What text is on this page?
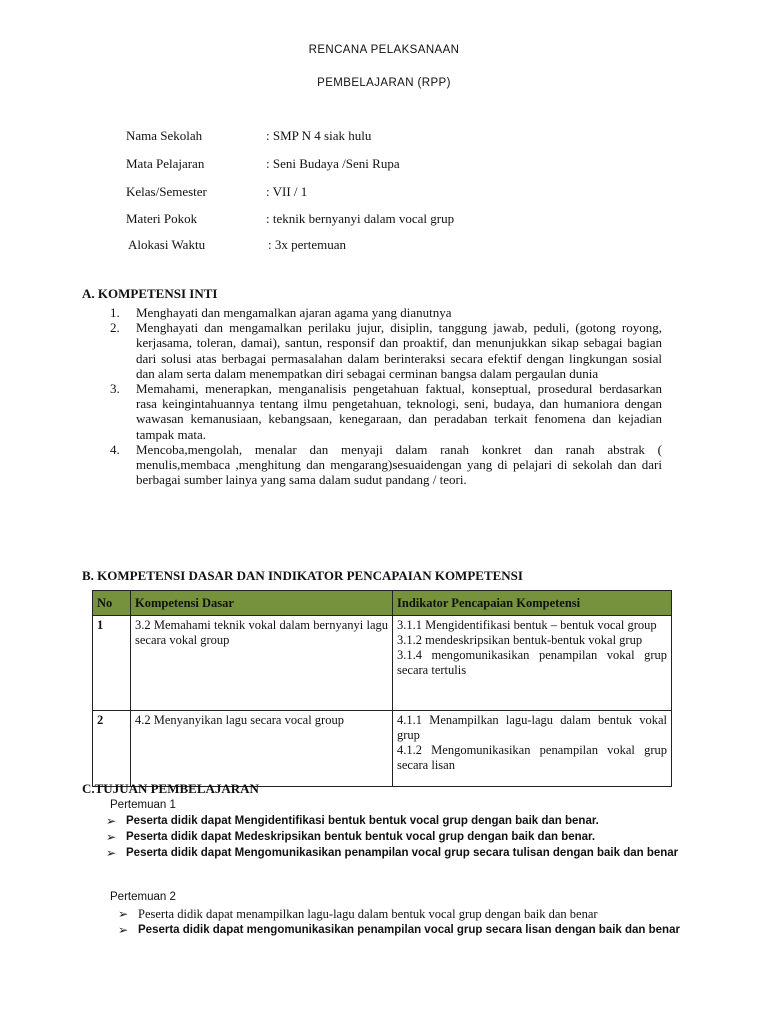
RENCANA PELAKSANAAN
PEMBELAJARAN (RPP)
Nama Sekolah	: SMP N 4 siak hulu
Mata Pelajaran	: Seni Budaya /Seni Rupa
Kelas/Semester	: VII / 1
Materi Pokok	: teknik bernyanyi dalam vocal grup
Alokasi Waktu	: 3x pertemuan
A. KOMPETENSI INTI
1.	Menghayati dan mengamalkan ajaran agama yang dianutnya
2.	Menghayati dan mengamalkan perilaku jujur, disiplin, tanggung jawab, peduli, (gotong royong, kerjasama, toleran, damai), santun, responsif dan proaktif, dan menunjukkan sikap sebagai bagian dari solusi atas berbagai permasalahan dalam berinteraksi secara efektif dengan lingkungan sosial dan alam serta dalam menempatkan diri sebagai cerminan bangsa dalam pergaulan dunia
3.	Memahami, menerapkan, menganalisis pengetahuan faktual, konseptual, prosedural berdasarkan rasa keingintahuannya tentang ilmu pengetahuan, teknologi, seni, budaya, dan humaniora dengan wawasan kemanusiaan, kebangsaan, kenegaraan, dan peradaban terkait fenomena dan kejadian tampak mata.
4.	Mencoba,mengolah, menalar dan menyaji dalam ranah konkret dan ranah abstrak ( menulis,membaca ,menghitung dan mengarang)sesuaidengan yang di pelajari di sekolah dan dari berbagai sumber lainya yang sama dalam sudut pandang / teori.
B. KOMPETENSI DASAR DAN INDIKATOR PENCAPAIAN KOMPETENSI
No	Kompetensi Dasar	Indikator Pencapaian Kompetensi
1	3.2 Memahami teknik vokal dalam bernyanyi lagu secara vokal group	3.1.1 Mengidentifikasi bentuk – bentuk vocal group
3.1.2 mendeskripsikan bentuk-bentuk vokal grup
3.1.4 mengomunikasikan penampilan vokal grup secara tertulis

2	4.2 Menyanyikan lagu secara vocal group	4.1.1 Menampilkan lagu-lagu dalam bentuk vokal grup
4.1.2 Mengomunikasikan penampilan vokal grup secara lisan
C.TUJUAN PEMBELAJARAN
Pertemuan 1
➢ Peserta didik dapat Mengidentifikasi bentuk bentuk vocal grup dengan baik dan benar.
➢ Peserta didik dapat Medeskripsikan bentuk bentuk vocal grup dengan baik dan benar.
➢ Peserta didik dapat Mengomunikasikan penampilan vocal grup secara tulisan dengan baik dan benar
Pertemuan 2
➢ Peserta didik dapat menampilkan lagu-lagu dalam bentuk vocal grup dengan baik dan benar
➢ Peserta didik dapat mengomunikasikan penampilan vocal grup secara lisan dengan baik dan benar
